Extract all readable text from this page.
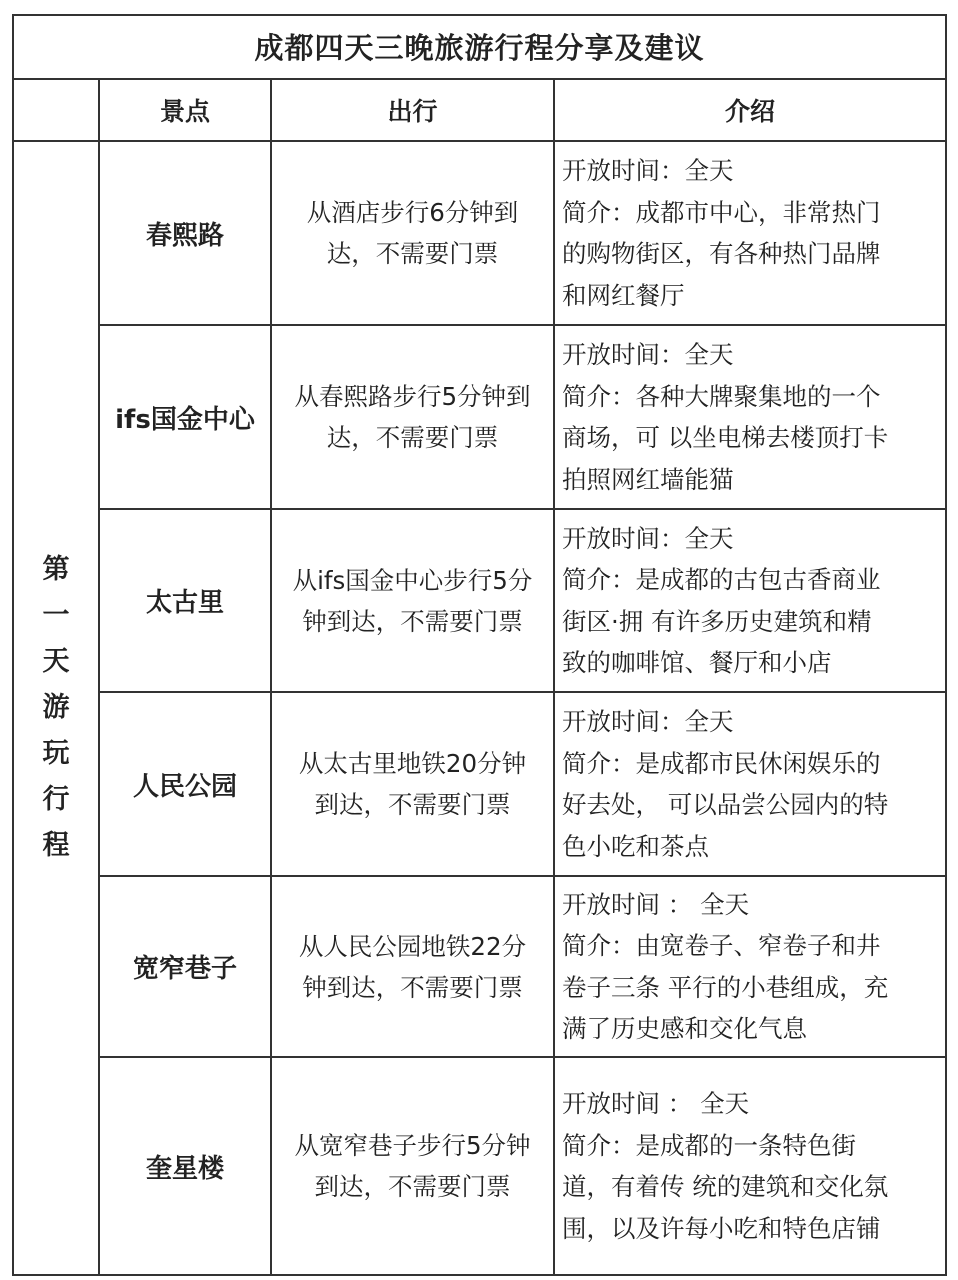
成都四天三晚旅游行程分享及建议
景点	出行	介绍
第
一
天
游
玩
行
程
春熙路
从酒店步行6分钟到
达，不需要门票
开放时间：全天
简介：成都市中心，非常热门
的购物街区，有各种热门品牌
和网红餐厅
ifs国金中心
从春熙路步行5分钟到
达，不需要门票
开放时间：全天
简介：各种大牌聚集地的一个
商场，可 以坐电梯去楼顶打卡
拍照网红墙能猫
太古里
从ifs国金中心步行5分
钟到达，不需要门票
开放时间：全天
简介：是成都的古包古香商业
街区·拥 有许多历史建筑和精
致的咖啡馆、餐厅和小店
人民公园
从太古里地铁20分钟
到达，不需要门票
开放时间：全天
简介：是成都市民休闲娱乐的
好去处， 可以品尝公园内的特
色小吃和茶点
宽窄巷子
从人民公园地铁22分
钟到达，不需要门票
开放时间 ： 全天
简介：由宽卷子、窄卷子和井
卷子三条 平行的小巷组成，充
满了历史感和交化气息
奎星楼
从宽窄巷子步行5分钟
到达，不需要门票
开放时间 ： 全天
简介：是成都的一条特色街
道，有着传 统的建筑和交化氛
围，以及许每小吃和特色店铺
